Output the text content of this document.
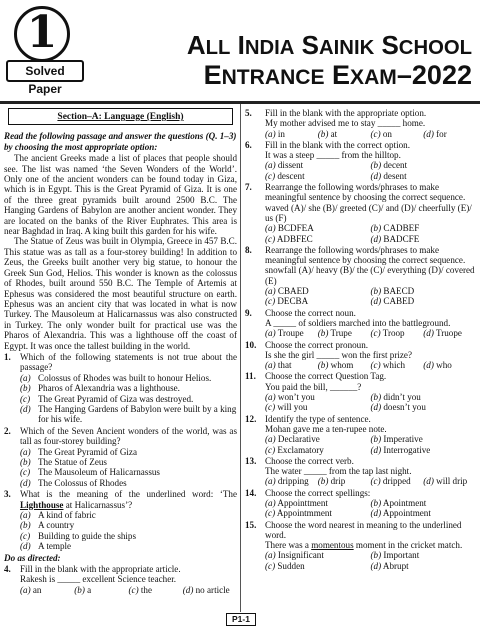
1
Solved Paper
ALL INDIA SAINIK SCHOOL
ENTRANCE EXAM–2022
Section–A: Language (English)
Read the following passage and answer the questions (Q. 1–3) by choosing the most appropriate option:

The ancient Greeks made a list of places that people should see. The list was named ‘the Seven Wonders of the World’. Only one of the ancient wonders can be found today in Giza, which is in Egypt. This is the Great Pyramid of Giza. It is one of the three great pyramids built around 2500 B.C. The Hanging Gardens of Babylon are another ancient wonder. They are located on the banks of the River Euphrates. This area is near Baghdad in Iraq. A king built this garden for his wife.

The Statue of Zeus was built in Olympia, Greece in 457 B.C. This statue was as tall as a four-storey building! In addition to Zeus, the Greeks built another very big statue, to honour the Greek Sun God, Helios. This wonder is known as the colossus of Rhodes, built around 550 B.C. The Temple of Artemis at Ephesus was considered the most beautiful structure on earth. Ephesus was an ancient city that was located in what is now Turkey. The Mausoleum at Halicarnassus was also constructed in Turkey. The only wonder built for practical use was the Pharos of Alexandria. This was a lighthouse off the coast of Egypt. It was once the tallest building in the world.

1.	Which of the following statements is not true about the passage?
(a) Colossus of Rhodes was built to honour Helios.
(b) Pharos of Alexandria was a lighthouse.
(c) The Great Pyramid of Giza was destroyed.
(d) The Hanging Gardens of Babylon were built by a king for his wife.
2.	Which of the Seven Ancient wonders of the world, was as tall as four-storey building?
(a) The Great Pyramid of Giza
(b) The Statue of Zeus
(c) The Mausoleum of Halicarnassus
(d) The Colossus of Rhodes
3.	What is the meaning of the underlined word: ‘The Lighthouse at Halicarnassus’?
(a) A kind of fabric
(b) A country
(c) Building to guide the ships
(d) A temple
Do as directed:
4.	Fill in the blank with the appropriate article.
Rakesh is _____ excellent Science teacher.
(a) an	(b) a	(c) the	(d) no article
5. Fill in the blank with the appropriate option.
My mother advised me to stay _____ home.
(a) in	(b) at	(c) on	(d) for
6. Fill in the blank with the correct option.
It was a steep _____ from the hilltop.
(a) dissent	(b) decent
(c) descent	(d) desent
7. Rearrange the following words/phrases to make meaningful sentence by choosing the correct sequence.
waved (A)/ she (B)/ greeted (C)/ and (D)/ cheerfully (E)/ us (F)
(a) BCDFEA	(b) CADBEF
(c) ADBFEC	(d) BADCFE
8. Rearrange the following words/phrases to make meaningful sentence by choosing the correct sequence.
snowfall (A)/ heavy (B)/ the (C)/ everything (D)/ covered (E)
(a) CBAED	(b) BAECD
(c) DECBA	(d) CABED
9. Choose the correct noun.
A _____ of soldiers marched into the battleground.
(a) Troupe	(b) Trupe	(c) Troop	(d) Truope
10. Choose the correct pronoun.
Is she the girl _____ won the first prize?
(a) that	(b) whom	(c) which	(d) who
11. Choose the correct Question Tag.
You paid the bill, ______?
(a) won’t you	(b) didn’t you
(c) will you	(d) doesn’t you
12. Identify the type of sentence.
Mohan gave me a ten-rupee note.
(a) Declarative	(b) Imperative
(c) Exclamatory	(d) Interrogative
13. Choose the correct verb.
The water _____ from the tap last night.
(a) dripping (b) drip	(c) dripped	(d) will drip
14. Choose the correct spellings:
(a) Appointtment	(b) Apointment
(c) Appointmment	(d) Appointment
15. Choose the word nearest in meaning to the underlined word.
There was a momentous moment in the cricket match.
(a) Insignificant	(b) Important
(c) Sudden	(d) Abrupt
P1-1
